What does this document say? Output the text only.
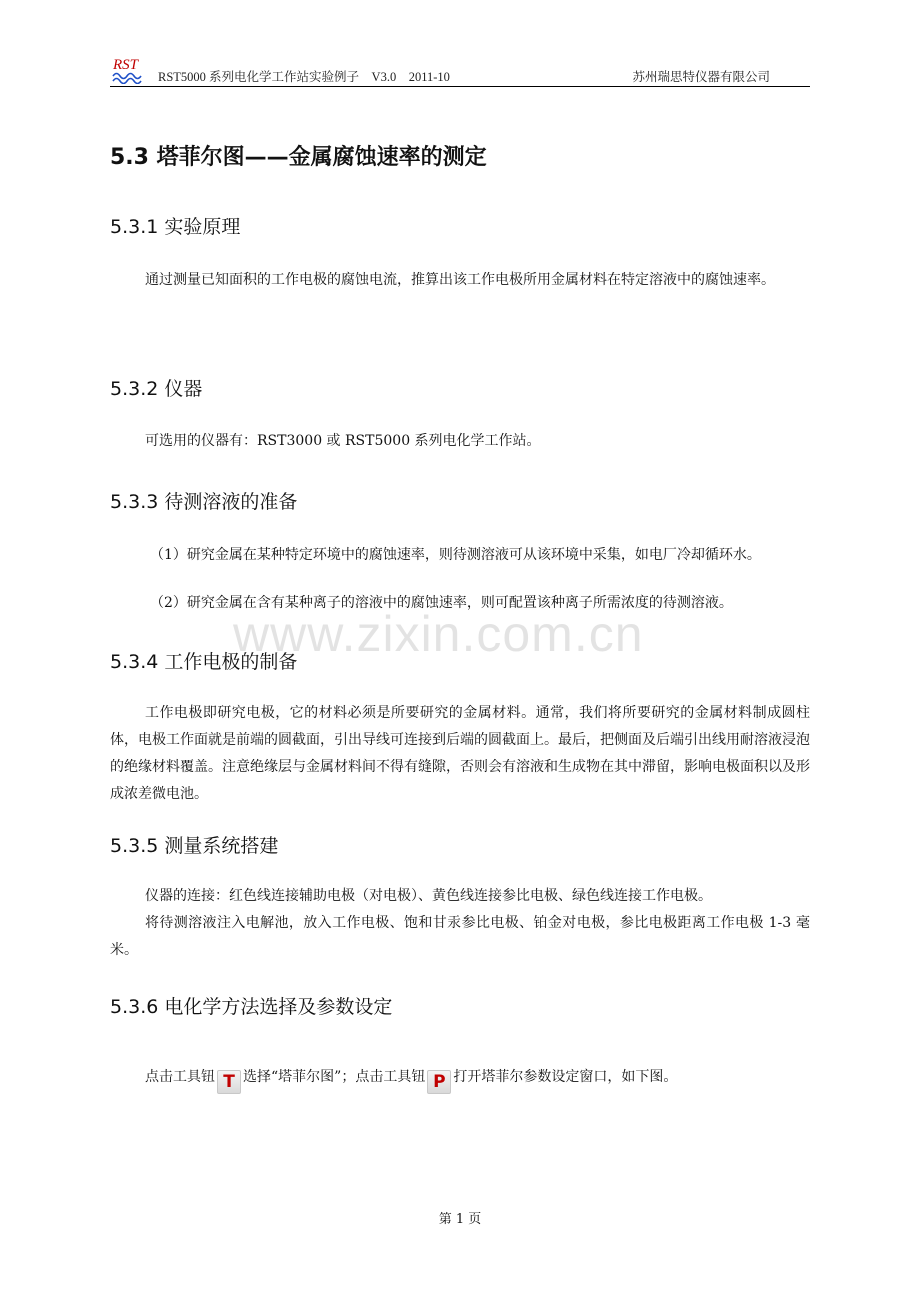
RST
RST5000 系列电化学工作站实验例子　V3.0　2011-10	苏州瑞思特仪器有限公司
5.3 塔菲尔图——金属腐蚀速率的测定
5.3.1 实验原理

通过测量已知面积的工作电极的腐蚀电流，推算出该工作电极所用金属材料在特定溶液中的腐蚀速率。

5.3.2 仪器

可选用的仪器有：RST3000 或 RST5000 系列电化学工作站。

5.3.3 待测溶液的准备

（1）研究金属在某种特定环境中的腐蚀速率，则待测溶液可从该环境中采集，如电厂冷却循环水。

（2）研究金属在含有某种离子的溶液中的腐蚀速率，则可配置该种离子所需浓度的待测溶液。

www.zixin.com.cn
5.3.4 工作电极的制备

工作电极即研究电极，它的材料必须是所要研究的金属材料。通常，我们将所要研究的金属材料制成圆柱体，电极工作面就是前端的圆截面，引出导线可连接到后端的圆截面上。最后，把侧面及后端引出线用耐溶液浸泡的绝缘材料覆盖。注意绝缘层与金属材料间不得有缝隙，否则会有溶液和生成物在其中滞留，影响电极面积以及形成浓差微电池。

5.3.5 测量系统搭建

仪器的连接：红色线连接辅助电极（对电极）、黄色线连接参比电极、绿色线连接工作电极。

将待测溶液注入电解池，放入工作电极、饱和甘汞参比电极、铂金对电极，参比电极距离工作电极 1-3 毫米。

5.3.6 电化学方法选择及参数设定

点击工具钮 T 选择“塔菲尔图”；点击工具钮 P 打开塔菲尔参数设定窗口，如下图。

第 1 页
